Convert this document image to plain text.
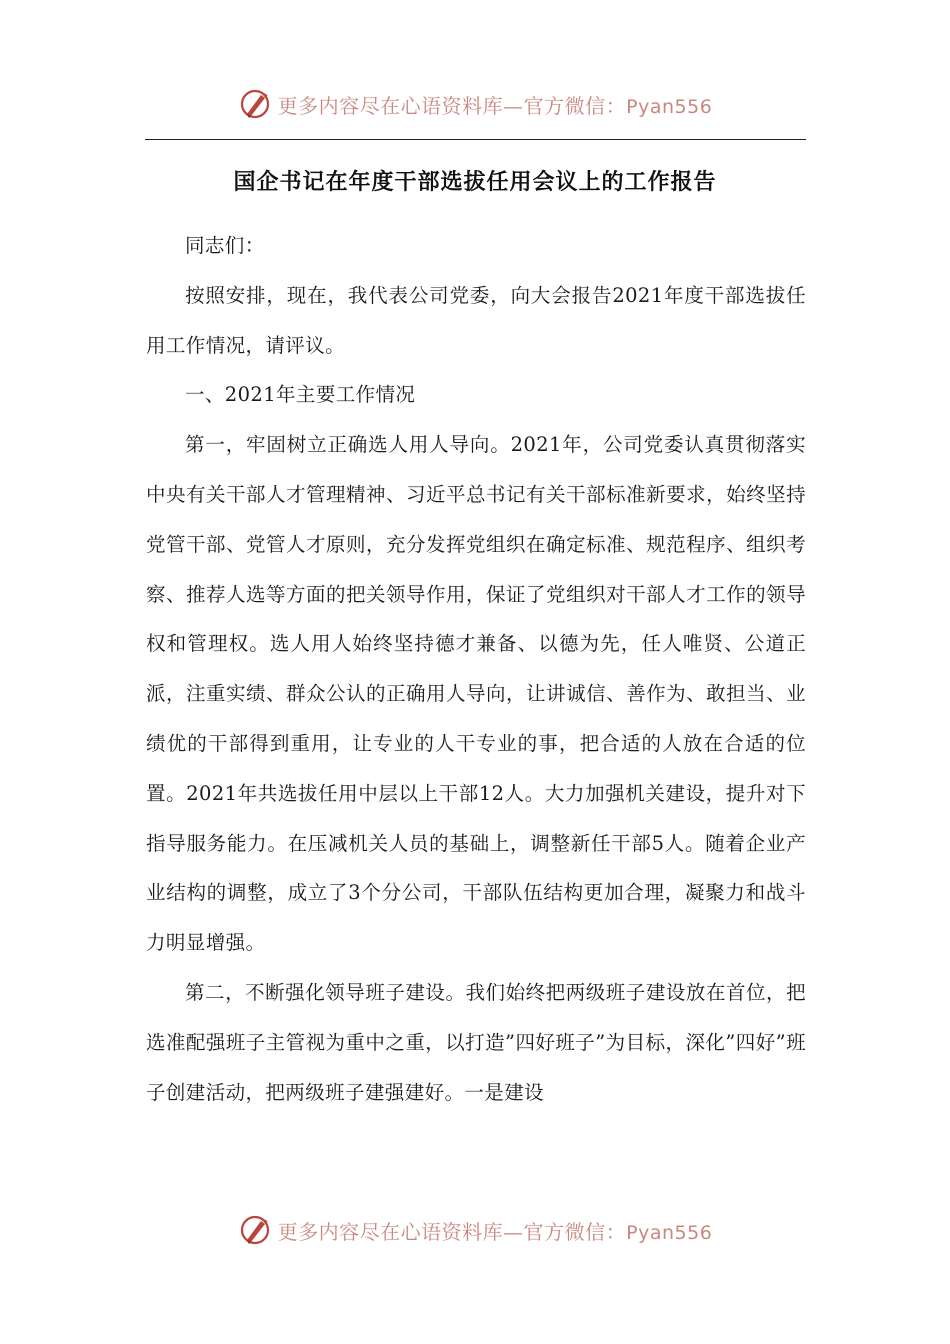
更多内容尽在心语资料库—官方微信：Pyan556
国企书记在年度干部选拔任用会议上的工作报告

同志们：

按照安排，现在，我代表公司党委，向大会报告2021年度干部选拔任用工作情况，请评议。

一、2021年主要工作情况

第一，牢固树立正确选人用人导向。2021年，公司党委认真贯彻落实中央有关干部人才管理精神、习近平总书记有关干部标准新要求，始终坚持党管干部、党管人才原则，充分发挥党组织在确定标准、规范程序、组织考察、推荐人选等方面的把关领导作用，保证了党组织对干部人才工作的领导权和管理权。选人用人始终坚持德才兼备、以德为先，任人唯贤、公道正派，注重实绩、群众公认的正确用人导向，让讲诚信、善作为、敢担当、业绩优的干部得到重用，让专业的人干专业的事，把合适的人放在合适的位置。2021年共选拔任用中层以上干部12人。大力加强机关建设，提升对下指导服务能力。在压减机关人员的基础上，调整新任干部5人。随着企业产业结构的调整，成立了3个分公司，干部队伍结构更加合理，凝聚力和战斗力明显增强。

第二，不断强化领导班子建设。我们始终把两级班子建设放在首位，把选准配强班子主管视为重中之重，以打造”四好班子”为目标，深化”四好”班子创建活动，把两级班子建强建好。一是建设

更多内容尽在心语资料库—官方微信：Pyan556
